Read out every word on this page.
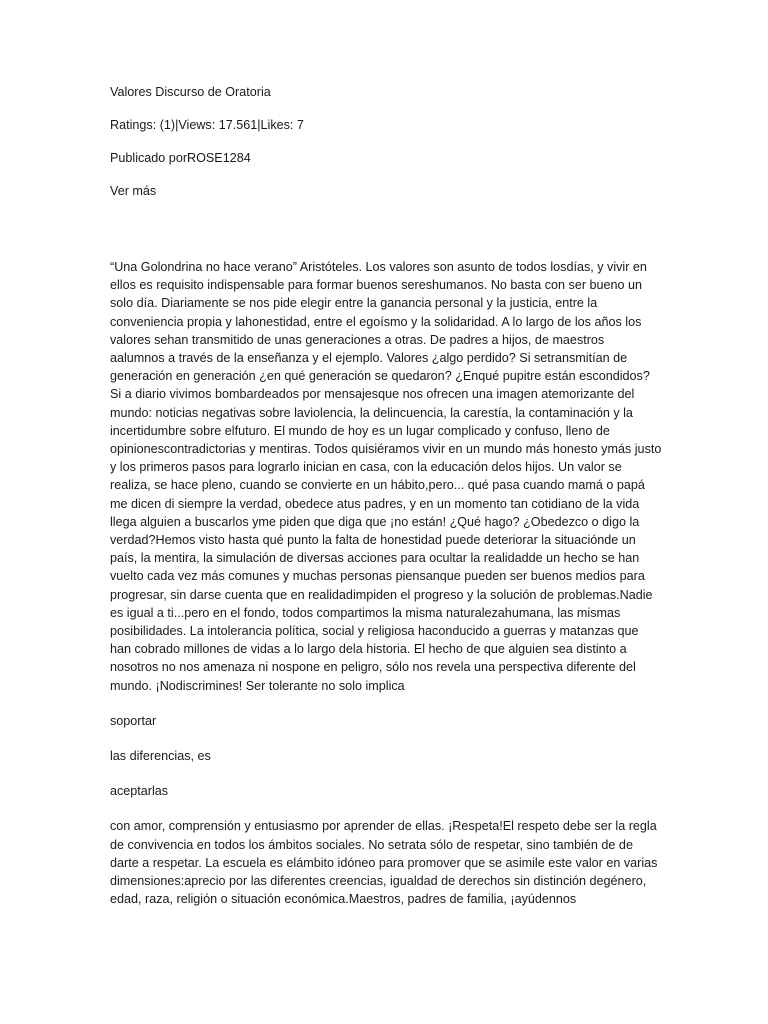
Valores Discurso de Oratoria
Ratings: (1)|Views: 17.561|Likes: 7
Publicado porROSE1284
Ver más

“Una Golondrina no hace verano” Aristóteles. Los valores son asunto de todos losdías, y vivir en ellos es requisito indispensable para formar buenos sereshumanos. No basta con ser bueno un solo día. Diariamente se nos pide elegir entre la ganancia personal y la justicia, entre la conveniencia propia y lahonestidad, entre el egoísmo y la solidaridad. A lo largo de los años los valores sehan transmitido de unas generaciones a otras. De padres a hijos, de maestros aalumnos a través de la enseñanza y el ejemplo. Valores ¿algo perdido? Si setransmitían de generación en generación ¿en qué generación se quedaron? ¿Enqué pupitre están escondidos? Si a diario vivimos bombardeados por mensajesque nos ofrecen una imagen atemorizante del mundo: noticias negativas sobre laviolencia, la delincuencia, la carestía, la contaminación y la incertidumbre sobre elfuturo. El mundo de hoy es un lugar complicado y confuso, lleno de opinionescontradictorias y mentiras. Todos quisiéramos vivir en un mundo más honesto ymás justo y los primeros pasos para lograrlo inician en casa, con la educación delos hijos. Un valor se realiza, se hace pleno, cuando se convierte en un hábito,pero... qué pasa cuando mamá o papá me dicen di siempre la verdad, obedece atus padres, y en un momento tan cotidiano de la vida llega alguien a buscarlos yme piden que diga que ¡no están! ¿Qué hago? ¿Obedezco o digo la verdad?Hemos visto hasta qué punto la falta de honestidad puede deteriorar la situaciónde un país, la mentira, la simulación de diversas acciones para ocultar la realidadde un hecho se han vuelto cada vez más comunes y muchas personas piensanque pueden ser buenos medios para progresar, sin darse cuenta que en realidadimpiden el progreso y la solución de problemas.Nadie es igual a ti...pero en el fondo, todos compartimos la misma naturalezahumana, las mismas posibilidades. La intolerancia política, social y religiosa haconducido a guerras y matanzas que han cobrado millones de vidas a lo largo dela historia. El hecho de que alguien sea distinto a nosotros no nos amenaza ni nospone en peligro, sólo nos revela una perspectiva diferente del mundo. ¡Nodiscrimines! Ser tolerante no solo implica

soportar

las diferencias, es

aceptarlas

con amor, comprensión y entusiasmo por aprender de ellas. ¡Respeta!El respeto debe ser la regla de convivencia en todos los ámbitos sociales. No setrata sólo de respetar, sino también de de darte a respetar. La escuela es elámbito idóneo para promover que se asimile este valor en varias dimensiones:aprecio por las diferentes creencias, igualdad de derechos sin distinción degénero, edad, raza, religión o situación económica.Maestros, padres de familia, ¡ayúdennos
